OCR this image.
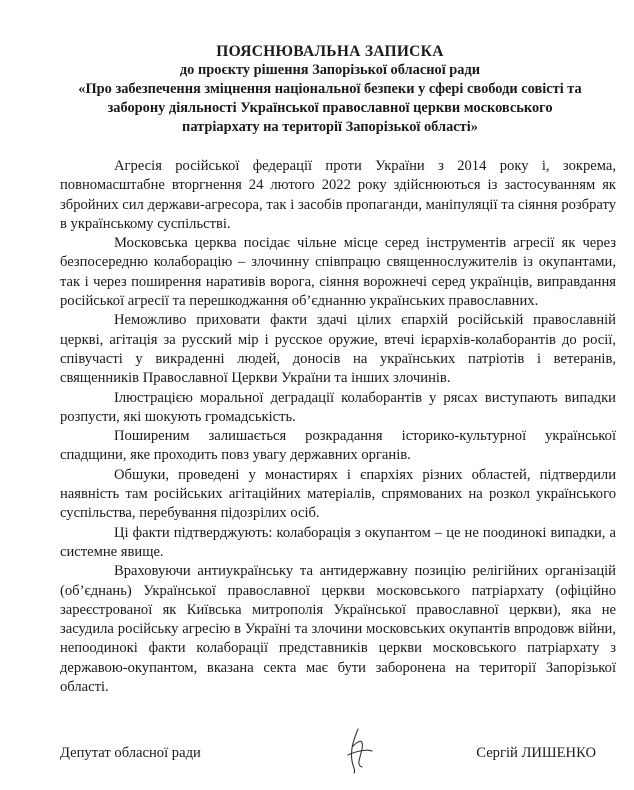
ПОЯСНЮВАЛЬНА ЗАПИСКА
до проєкту рішення Запорізької обласної ради
«Про забезпечення зміцнення національної безпеки у сфері свободи совісті та
заборону діяльності Української православної церкви московського
патріархату на території Запорізької області»

Агресія російської федерації проти України з 2014 року і, зокрема, повномасштабне вторгнення 24 лютого 2022 року здійснюються із застосуванням як збройних сил держави-агресора, так і засобів пропаганди, маніпуляції та сіяння розбрату в українському суспільстві.

Московська церква посідає чільне місце серед інструментів агресії як через безпосередню колаборацію – злочинну співпрацю священнослужителів із окупантами, так і через поширення наративів ворога, сіяння ворожнечі серед українців, виправдання російської агресії та перешкоджання об’єднанню українських православних.

Неможливо приховати факти здачі цілих єпархій російській православній церкві, агітація за русский мір і русское оружие, втечі ієрархів-колаборантів до росії, співучасті у викраденні людей, доносів на українських патріотів і ветеранів, священників Православної Церкви України та інших злочинів.

Ілюстрацією моральної деградації колаборантів у рясах виступають випадки розпусти, які шокують громадськість.

Поширеним залишається розкрадання історико-культурної української спадщини, яке проходить повз увагу державних органів.

Обшуки, проведені у монастирях і єпархіях різних областей, підтвердили наявність там російських агітаційних матеріалів, спрямованих на розкол українського суспільства, перебування підозрілих осіб.

Ці факти підтверджують: колаборація з окупантом – це не поодинокі випадки, а системне явище.

Враховуючи антиукраїнську та антидержавну позицію релігійних організацій (об’єднань) Української православної церкви московського патріархату (офіційно зареєстрованої як Київська митрополія Української православної церкви), яка не засудила російську агресію в Україні та злочини московських окупантів впродовж війни, непоодинокі факти колаборації представників церкви московського патріархату з державою-окупантом, вказана секта має бути заборонена на території Запорізької області.

Депутат обласної ради	Сергій ЛИШЕНКО
